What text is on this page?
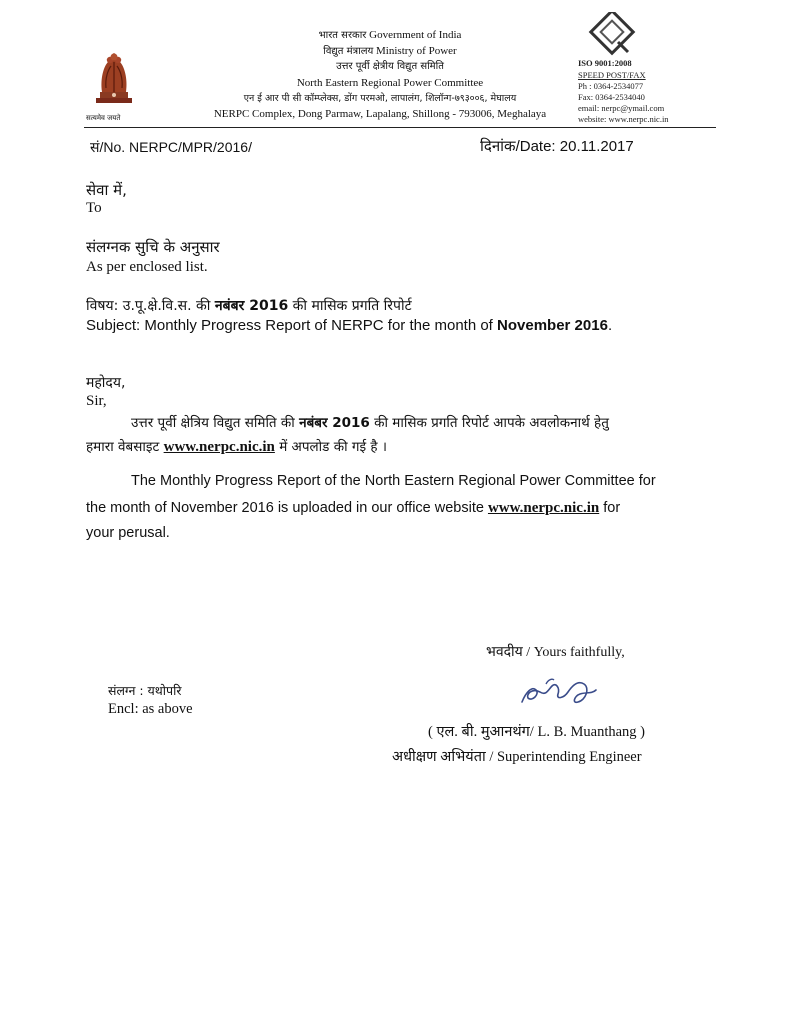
सत्यमेव जयते
भारत सरकार Government of India
विद्युत मंत्रालय Ministry of Power
उत्तर पूर्वी क्षेत्रीय विद्युत समिति
North Eastern Regional Power Committee
एन ई आर पी सी कॉम्प्लेक्स, डोंग परमओ, लापालंग, शिलॉन्ग-७९३००६, मेघालय
NERPC Complex, Dong Parmaw, Lapalang, Shillong - 793006, Meghalaya
ISO 9001:2008
SPEED POST/FAX
Ph : 0364-2534077
Fax: 0364-2534040
email: nerpc@ymail.com
website: www.nerpc.nic.in
सं/No. NERPC/MPR/2016/	दिनांक/Date: 20.11.2017
सेवा में,
To
संलग्नक सुचि के अनुसार
As per enclosed list.
विषय: उ.पू.क्षे.वि.स. की नबंबर 2016 की मासिक प्रगति रिपोर्ट
Subject: Monthly Progress Report of NERPC for the month of November 2016.
महोदय,
Sir,
उत्तर पूर्वी क्षेत्रिय विद्युत समिति की नबंबर 2016 की मासिक प्रगति रिपोर्ट आपके अवलोकनार्थ हेतु
हमारा वेबसाइट www.nerpc.nic.in में अपलोड की गई है ।
The Monthly Progress Report of the North Eastern Regional Power Committee for
the month of November 2016 is uploaded in our office website www.nerpc.nic.in for
your perusal.
भवदीय / Yours faithfully,
संलग्न : यथोपरि
Encl: as above
( एल. बी. मुआनथंग/ L. B. Muanthang )
अधीक्षण अभियंता / Superintending Engineer
